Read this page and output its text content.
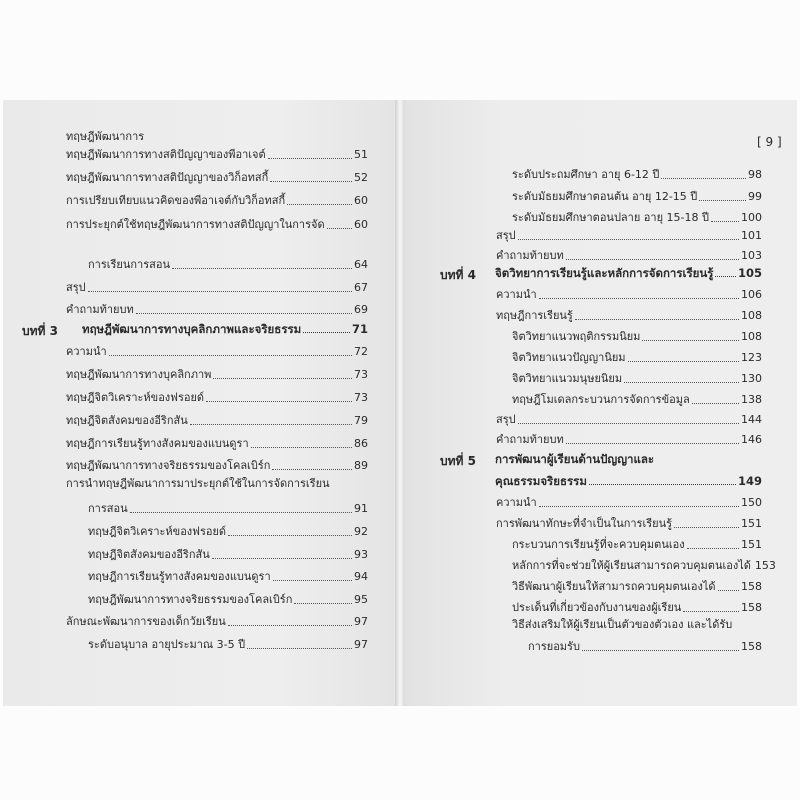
[ 9 ]
ทฤษฎีพัฒนาการ
ทฤษฎีพัฒนาการทางสติปัญญาของพีอาเจต์	51
ทฤษฎีพัฒนาการทางสติปัญญาของวิก็อทสกี้	52
การเปรียบเทียบแนวคิดของพีอาเจต์กับวิก็อทสกี้	60
การประยุกต์ใช้ทฤษฎีพัฒนาการทางสติปัญญาในการจัด	60
การเรียนการสอน	64
สรุป	67
คำถามท้ายบท	69
บทที่ 3 ทฤษฎีพัฒนาการทางบุคลิกภาพและจริยธรรม	71
ความนำ	72
ทฤษฎีพัฒนาการทางบุคลิกภาพ	73
ทฤษฎีจิตวิเคราะห์ของฟรอยด์	73
ทฤษฎีจิตสังคมของอีริกสัน	79
ทฤษฎีการเรียนรู้ทางสังคมของแบนดูรา	86
ทฤษฎีพัฒนาการทางจริยธรรมของโคลเบิร์ก	89
การนำทฤษฎีพัฒนาการมาประยุกต์ใช้ในการจัดการเรียน
การสอน	91
ทฤษฎีจิตวิเคราะห์ของฟรอยด์	92
ทฤษฎีจิตสังคมของอีริกสัน	93
ทฤษฎีการเรียนรู้ทางสังคมของแบนดูรา	94
ทฤษฎีพัฒนาการทางจริยธรรมของโคลเบิร์ก	95
ลักษณะพัฒนาการของเด็กวัยเรียน	97
ระดับอนุบาล อายุประมาณ 3-5 ปี	97
ระดับประถมศึกษา อายุ 6-12 ปี	98
ระดับมัธยมศึกษาตอนต้น อายุ 12-15 ปี	99
ระดับมัธยมศึกษาตอนปลาย อายุ 15-18 ปี	100
สรุป	101
คำถามท้ายบท	103
บทที่ 4 จิตวิทยาการเรียนรู้และหลักการจัดการเรียนรู้ 105
ความนำ	106
ทฤษฎีการเรียนรู้	108
จิตวิทยาแนวพฤติกรรมนิยม	108
จิตวิทยาแนวปัญญานิยม	123
จิตวิทยาแนวมนุษยนิยม	130
ทฤษฎีโมเดลกระบวนการจัดการข้อมูล	138
สรุป	144
คำถามท้ายบท	146
บทที่ 5 การพัฒนาผู้เรียนด้านปัญญาและ
คุณธรรมจริยธรรม	149
ความนำ	150
การพัฒนาทักษะที่จำเป็นในการเรียนรู้	151
กระบวนการเรียนรู้ที่จะควบคุมตนเอง	151
หลักการที่จะช่วยให้ผู้เรียนสามารถควบคุมตนเองได้ 153
วิธีพัฒนาผู้เรียนให้สามารถควบคุมตนเองได้ 158
ประเด็นที่เกี่ยวข้องกับงานของผู้เรียน	158
วิธีส่งเสริมให้ผู้เรียนเป็นตัวของตัวเอง และได้รับ
การยอมรับ	158
